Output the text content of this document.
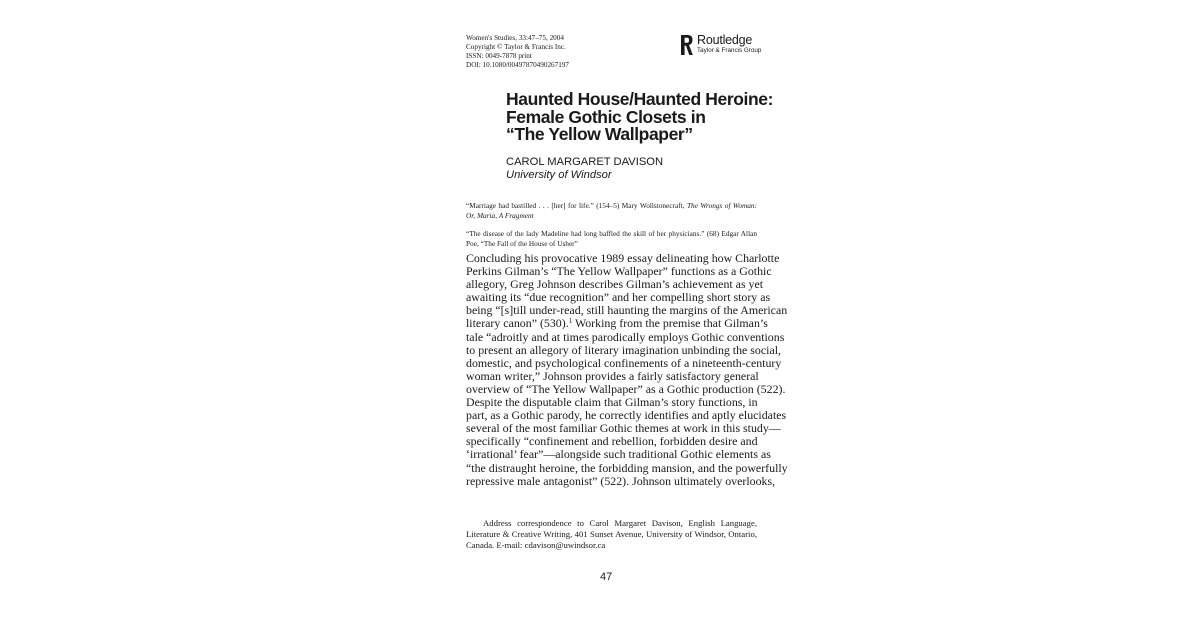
Women's Studies, 33:47–75, 2004
Copyright © Taylor & Francis Inc.
ISSN: 0049-7878 print
DOI: 10.1080/00497870490267197
Routledge
Taylor & Francis Group
Haunted House/Haunted Heroine:
Female Gothic Closets in
“The Yellow Wallpaper”
CAROL MARGARET DAVISON
University of Windsor
“Marriage had bastilled . . . [her] for life.” (154–5) Mary Wollstonecraft, The Wrongs of Woman: Or, Maria, A Fragment
“The disease of the lady Madeline had long baffled the skill of her physicians.” (68) Edgar Allan Poe, “The Fall of the House of Usher”
Concluding his provocative 1989 essay delineating how Charlotte
Perkins Gilman’s “The Yellow Wallpaper” functions as a Gothic
allegory, Greg Johnson describes Gilman’s achievement as yet
awaiting its “due recognition” and her compelling short story as
being “[s]till under-read, still haunting the margins of the American
literary canon” (530).$^1$ Working from the premise that Gilman’s
tale “adroitly and at times parodically employs Gothic conventions
to present an allegory of literary imagination unbinding the social,
domestic, and psychological confinements of a nineteenth-century
woman writer,” Johnson provides a fairly satisfactory general
overview of “The Yellow Wallpaper” as a Gothic production (522).
Despite the disputable claim that Gilman’s story functions, in
part, as a Gothic parody, he correctly identifies and aptly elucidates
several of the most familiar Gothic themes at work in this study—
specifically “confinement and rebellion, forbidden desire and
‘irrational’ fear”—alongside such traditional Gothic elements as
“the distraught heroine, the forbidding mansion, and the powerfully
repressive male antagonist” (522). Johnson ultimately overlooks,
Address correspondence to Carol Margaret Davison, English Language, Literature & Creative Writing, 401 Sunset Avenue, University of Windsor, Ontario, Canada. E-mail: cdavison@uwindsor.ca
47
